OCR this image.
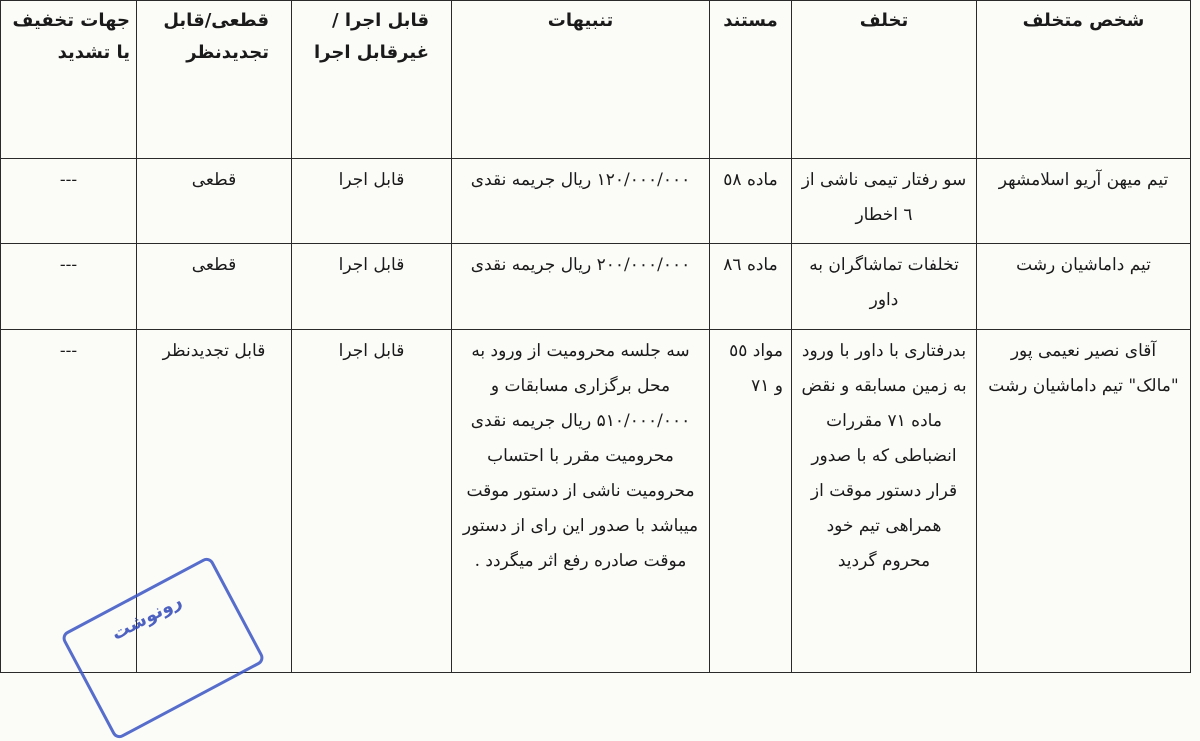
شخص متخلف	تخلف	مستند	تنبیهات	قابل اجرا /غیرقابل اجرا	قطعی/قابل تجدیدنظر	جهات تخفیف یا تشدید
تیم میهن آریو اسلامشهر	سو رفتار تیمی ناشی از ٦ اخطار	ماده ٥٨	۱۲۰/۰۰۰/۰۰۰ ریال جریمه نقدی	قابل اجرا	قطعی	---
تیم داماشیان رشت	تخلفات تماشاگران به داور	ماده ٨٦	۲۰۰/۰۰۰/۰۰۰ ریال جریمه نقدی	قابل اجرا	قطعی	---
آقای نصیر نعیمی پور "مالک" تیم داماشیان رشت	بدرفتاری با داور با ورود به زمین مسابقه و نقض ماده ۷۱ مقررات انضباطی که با صدور قرار دستور موقت از همراهی تیم خود محروم گردید	مواد ٥٥ و ٧١	سه جلسه محرومیت از ورود به محل برگزاری مسابقات و ۵۱۰/۰۰۰/۰۰۰ ریال جریمه نقدی محرومیت مقرر با احتساب محرومیت ناشی از دستور موقت میباشد با صدور این رای از دستور موقت صادره رفع اثر میگردد .	قابل اجرا	قابل تجدیدنظر	---
رونوشت
